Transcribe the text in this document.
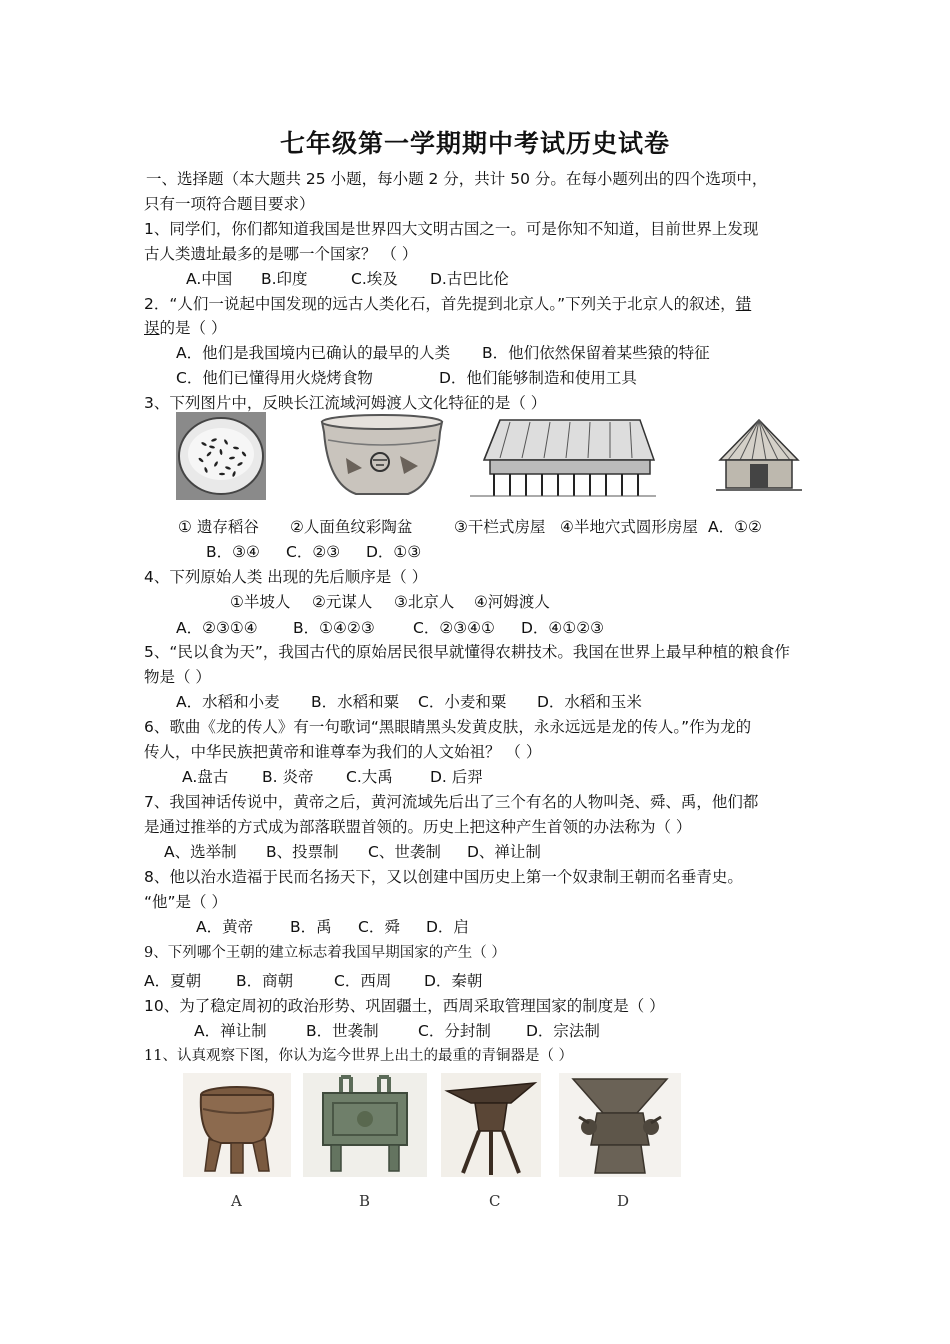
七年级第一学期期中考试历史试卷
一、选择题（本大题共 25 小题，每小题 2 分，共计 50 分。在每小题列出的四个选项中，
只有一项符合题目要求）
1、同学们，你们都知道我国是世界四大文明古国之一。可是你知不知道，目前世界上发现
古人类遗址最多的是哪一个国家？ （ ）
A.中国 B.印度	C.埃及 D.古巴比伦
2．“人们一说起中国发现的远古人类化石，首先提到北京人。”下列关于北京人的叙述，错
误的是（ ）
A．他们是我国境内已确认的最早的人类 B．他们依然保留着某些猿的特征
C．他们已懂得用火烧烤食物	D．他们能够制造和使用工具
3、下列图片中，反映长江流域河姆渡人文化特征的是（ ）
① 遗存稻谷 ②人面鱼纹彩陶盆	③干栏式房屋 ④半地穴式圆形房屋 A．①②
B．③④ C．②③ D．①③
4、下列原始人类 出现的先后顺序是（ ）
①半坡人 ②元谋人 ③北京人 ④河姆渡人
A．②③①④ B．①④②③ C．②③④① D．④①②③
5、“民以食为天”，我国古代的原始居民很早就懂得农耕技术。我国在世界上最早种植的粮食作
物是（ ）
A．水稻和小麦 B．水稻和粟 C．小麦和粟 D．水稻和玉米
6、歌曲《龙的传人》有一句歌词“黑眼睛黑头发黄皮肤，永永远远是龙的传人。”作为龙的
传人，中华民族把黄帝和谁尊奉为我们的人文始祖？ （ ）
A.盘古 B. 炎帝 C.大禹 D. 后羿
7、我国神话传说中，黄帝之后，黄河流域先后出了三个有名的人物叫尧、舜、禹，他们都
是通过推举的方式成为部落联盟首领的。历史上把这种产生首领的办法称为（ ）
A、选举制 B、投票制 C、世袭制 D、禅让制
8、他以治水造福于民而名扬天下，又以创建中国历史上第一个奴隶制王朝而名垂青史。
“他”是（ ）
A．黄帝 B．禹 C．舜 D．启
9、下列哪个王朝的建立标志着我国早期国家的产生（ ）
A．夏朝 B．商朝	C．西周 D．秦朝
10、为了稳定周初的政治形势、巩固疆土，西周采取管理国家的制度是（ ）
A．禅让制	B．世袭制	C．分封制 D．宗法制
11、认真观察下图，你认为迄今世界上出土的最重的青铜器是（ ）
A	B	C	D
